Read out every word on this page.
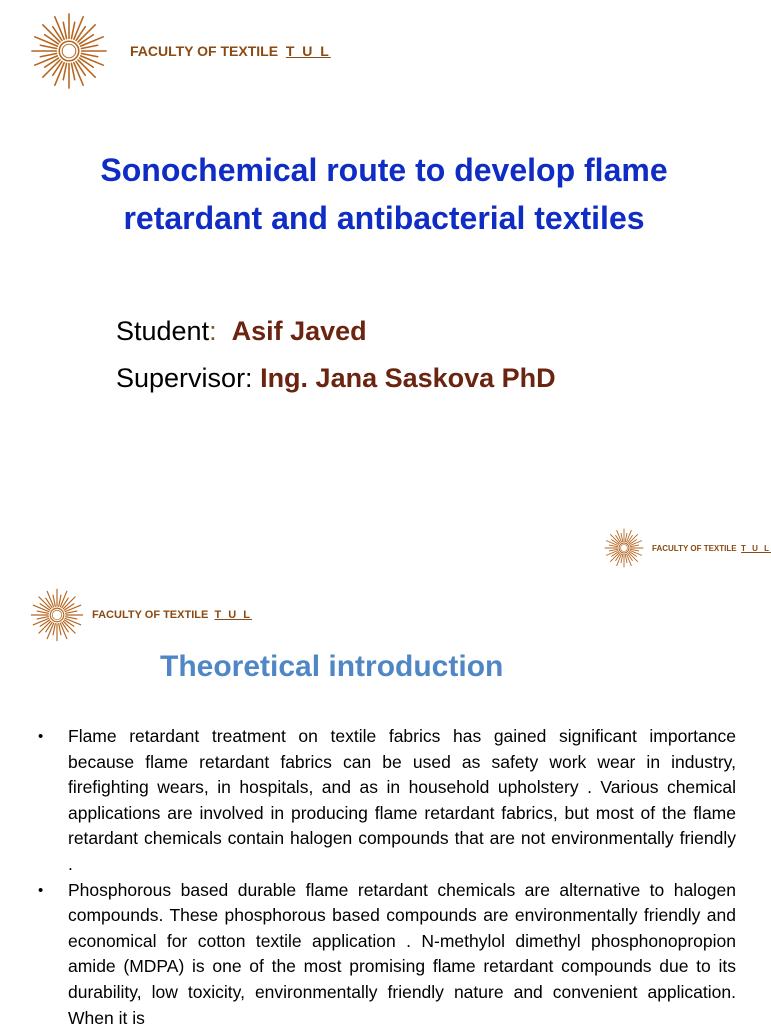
FACULTY OF TEXTILE T U L
Sonochemical route to develop flame retardant and antibacterial textiles
Student: Asif Javed
Supervisor: Ing. Jana Saskova PhD
FACULTY OF TEXTILE T U L
FACULTY OF TEXTILE T U L
Theoretical introduction
• Flame retardant treatment on textile fabrics has gained significant importance because flame retardant fabrics can be used as safety work wear in industry, firefighting wears, in hospitals, and as in household upholstery . Various chemical applications are involved in producing flame retardant fabrics, but most of the flame retardant chemicals contain halogen compounds that are not environmentally friendly .
• Phosphorous based durable flame retardant chemicals are alternative to halogen compounds. These phosphorous based compounds are environmentally friendly and economical for cotton textile application . N-methylol dimethyl phosphonopropion amide (MDPA) is one of the most promising flame retardant compounds due to its durability, low toxicity, environmentally friendly nature and convenient application. When it is
